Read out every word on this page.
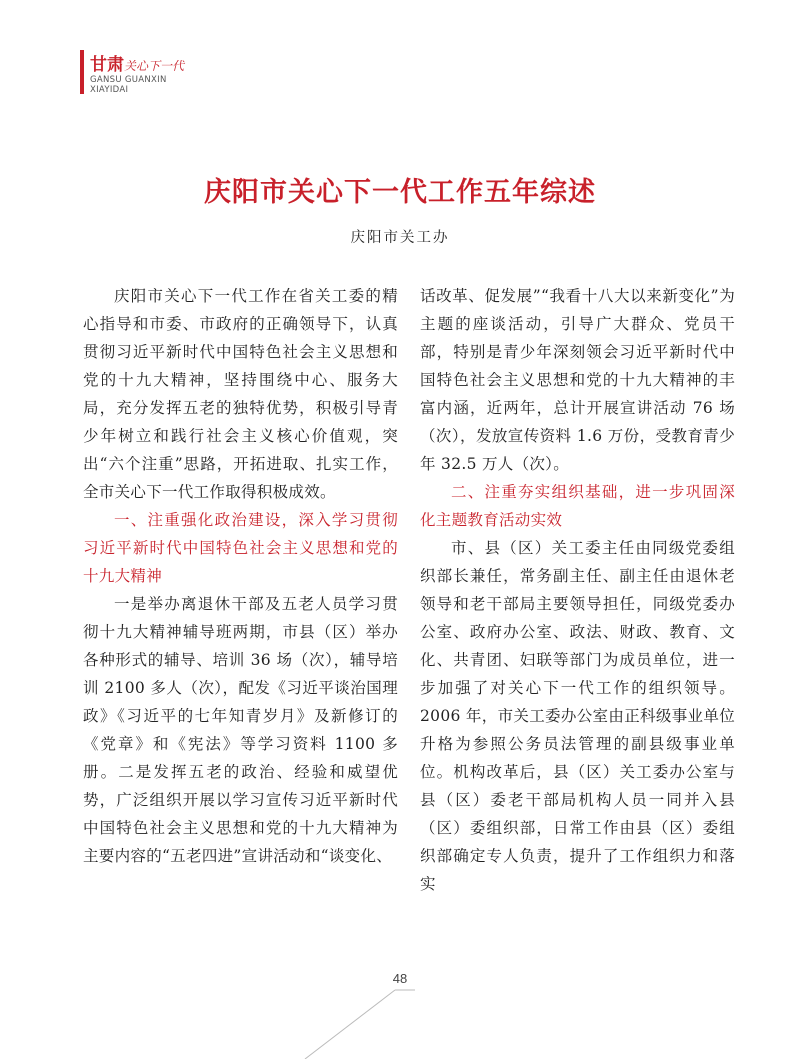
甘肃关心下一代
GANSU GUANXIN
XIAYIDAI
庆阳市关心下一代工作五年综述
庆阳市关工办

庆阳市关心下一代工作在省关工委的精心指导和市委、市政府的正确领导下，认真贯彻习近平新时代中国特色社会主义思想和党的十九大精神，坚持围绕中心、服务大局，充分发挥五老的独特优势，积极引导青少年树立和践行社会主义核心价值观，突出“六个注重”思路，开拓进取、扎实工作，全市关心下一代工作取得积极成效。

一、注重强化政治建设，深入学习贯彻习近平新时代中国特色社会主义思想和党的十九大精神

一是举办离退休干部及五老人员学习贯彻十九大精神辅导班两期，市县（区）举办各种形式的辅导、培训 36 场（次），辅导培训 2100 多人（次），配发《习近平谈治国理政》《习近平的七年知青岁月》及新修订的《党章》和《宪法》等学习资料 1100 多册。二是发挥五老的政治、经验和威望优势，广泛组织开展以学习宣传习近平新时代中国特色社会主义思想和党的十九大精神为主要内容的“五老四进”宣讲活动和“谈变化、

话改革、促发展”“我看十八大以来新变化”为主题的座谈活动，引导广大群众、党员干部，特别是青少年深刻领会习近平新时代中国特色社会主义思想和党的十九大精神的丰富内涵，近两年，总计开展宣讲活动 76 场（次），发放宣传资料 1.6 万份，受教育青少年 32.5 万人（次）。

二、注重夯实组织基础，进一步巩固深化主题教育活动实效

市、县（区）关工委主任由同级党委组织部长兼任，常务副主任、副主任由退休老领导和老干部局主要领导担任，同级党委办公室、政府办公室、政法、财政、教育、文化、共青团、妇联等部门为成员单位，进一步加强了对关心下一代工作的组织领导。2006 年，市关工委办公室由正科级事业单位升格为参照公务员法管理的副县级事业单位。机构改革后，县（区）关工委办公室与县（区）委老干部局机构人员一同并入县（区）委组织部，日常工作由县（区）委组织部确定专人负责，提升了工作组织力和落实

48
